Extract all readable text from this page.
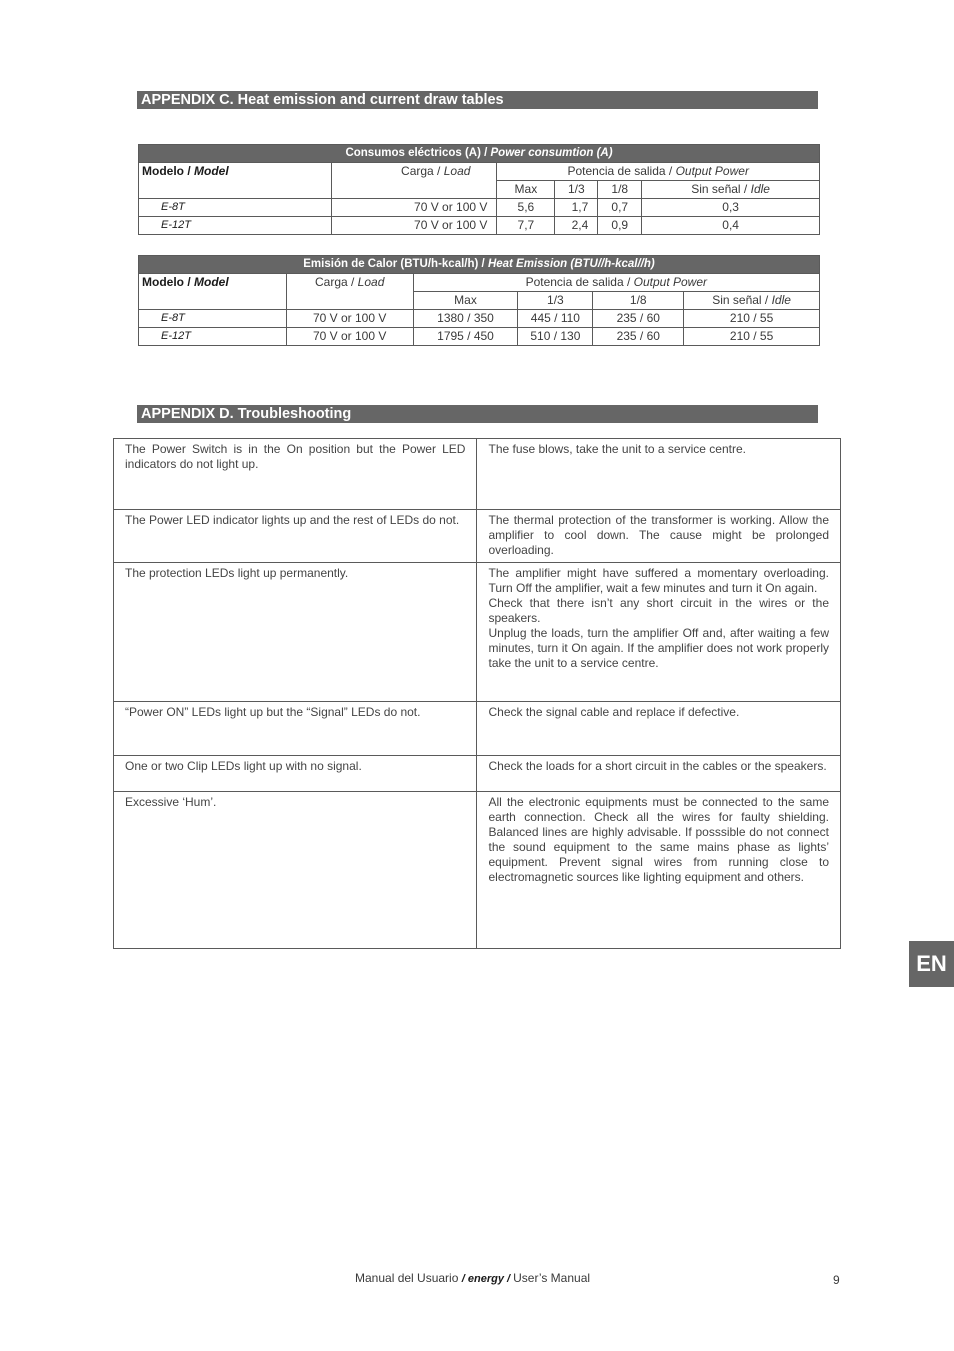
APPENDIX C. Heat emission and current draw tables
Consumos eléctricos (A) / Power consumtion (A)					
Modelo / Model	Carga / Load	Potencia de salida / Output Power			
		Max	1/3	1/8	Sin señal / Idle
E-8T	70 V or 100 V	5,6	1,7	0,7	0,3
E-12T	70 V or 100 V	7,7	2,4	0,9	0,4
Emisión de Calor (BTU/h-kcal/h) / Heat Emission (BTU//h-kcal//h)					
Modelo / Model	Carga / Load	Potencia de salida / Output Power			
		Max	1/3	1/8	Sin señal / Idle
E-8T	70 V or 100 V	1380 / 350	445 / 110	235 / 60	210 / 55
E-12T	70 V or 100 V	1795 / 450	510 / 130	235 / 60	210 / 55
APPENDIX D. Troubleshooting
The Power Switch is in the On position but the Power LED indicators do not light up.	The fuse blows, take the unit to a service centre.
The Power LED indicator lights up and the rest of LEDs do not.	The thermal protection of the transformer is working. Allow the amplifier to cool down. The cause might be prolonged overloading.
The protection LEDs light up permanently.	The amplifier might have suffered a momentary overloading. Turn Off the amplifier, wait a few minutes and turn it On again.
Check that there isn’t any short circuit in the wires or the speakers.
Unplug the loads, turn the amplifier Off and, after waiting a few minutes, turn it On again. If the amplifier does not work properly take the unit to a service centre.
“Power ON” LEDs light up but the “Signal” LEDs do not.	Check the signal cable and replace if defective.
One or two Clip LEDs light up with no signal.	Check the loads for a short circuit in the cables or the speakers.
Excessive ‘Hum’.	All the electronic equipments must be connected to the same earth connection. Check all the wires for faulty shielding. Balanced lines are highly advisable. If posssible do not connect the sound equipment to the same mains phase as lights’ equipment. Prevent signal wires from running close to electromagnetic sources like lighting equipment and others.
EN
Manual del Usuario / energy / User’s Manual	9
